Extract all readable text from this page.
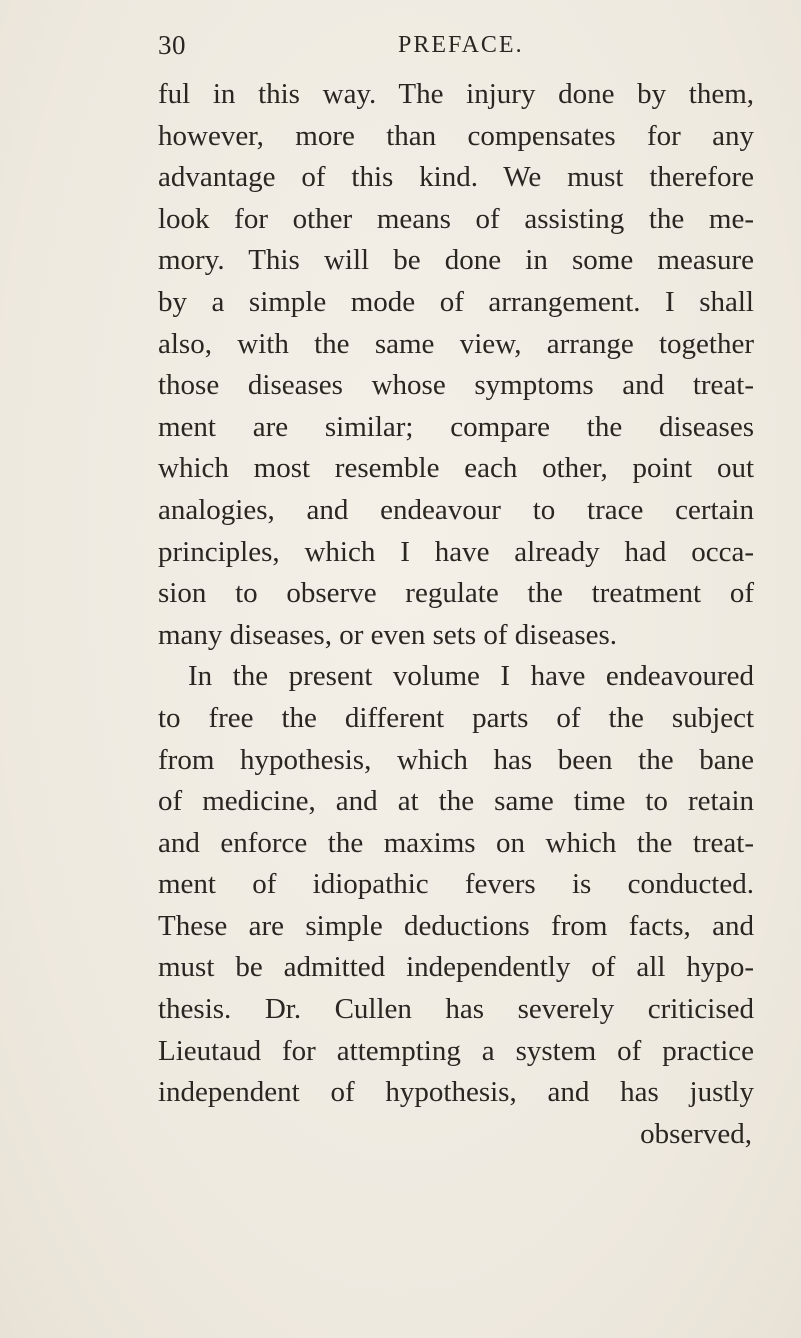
30	PREFACE.
ful in this way. The injury done by them,
however, more than compensates for any
advantage of this kind. We must therefore
look for other means of assisting the me-
mory. This will be done in some measure
by a simple mode of arrangement. I shall
also, with the same view, arrange together
those diseases whose symptoms and treat-
ment are similar; compare the diseases
which most resemble each other, point out
analogies, and endeavour to trace certain
principles, which I have already had occa-
sion to observe regulate the treatment of
many diseases, or even sets of diseases.
In the present volume I have endeavoured
to free the different parts of the subject
from hypothesis, which has been the bane
of medicine, and at the same time to retain
and enforce the maxims on which the treat-
ment of idiopathic fevers is conducted.
These are simple deductions from facts, and
must be admitted independently of all hypo-
thesis. Dr. Cullen has severely criticised
Lieutaud for attempting a system of practice
independent of hypothesis, and has justly
observed,
